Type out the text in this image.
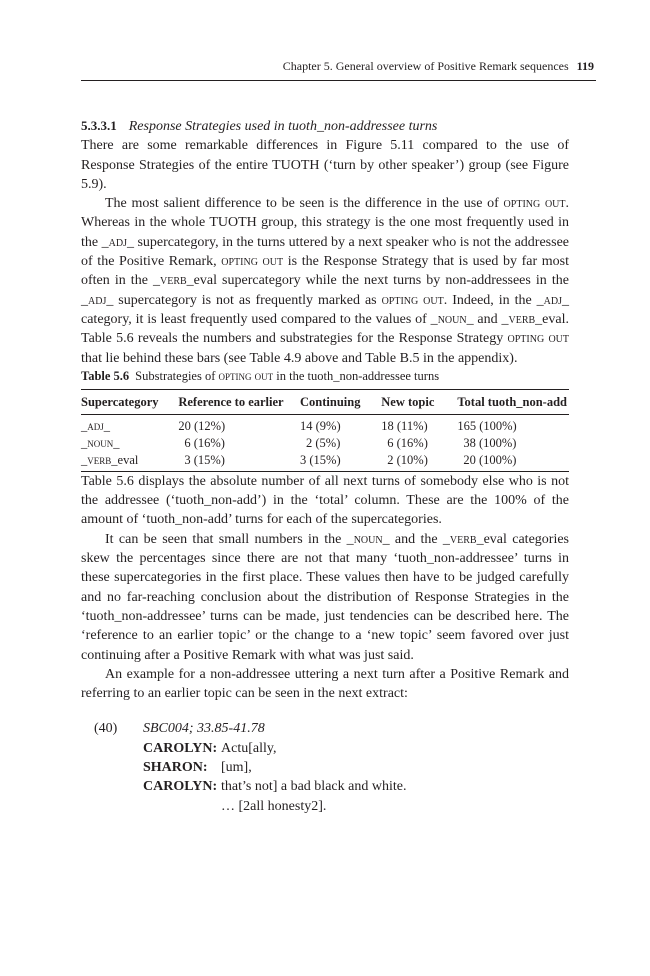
Chapter 5. General overview of Positive Remark sequences 119

5.3.3.1 Response Strategies used in tuoth_non-addressee turns

There are some remarkable differences in Figure 5.11 compared to the use of Response Strategies of the entire TUOTH (‘turn by other speaker’) group (see Figure 5.9).

The most salient difference to be seen is the difference in the use of opting out. Whereas in the whole TUOTH group, this strategy is the one most frequently used in the _adj_ supercategory, in the turns uttered by a next speaker who is not the addressee of the Positive Remark, opting out is the Response Strategy that is used by far most often in the _verb_eval supercategory while the next turns by non-addressees in the _adj_ supercategory is not as frequently marked as opting out. Indeed, in the _adj_ category, it is least frequently used compared to the values of _noun_ and _verb_eval. Table 5.6 reveals the numbers and substrategies for the Response Strategy opting out that lie behind these bars (see Table 4.9 above and Table B.5 in the appendix).

Table 5.6 Substrategies of opting out in the tuoth_non-addressee turns

Supercategory	Reference to earlier	Continuing	New topic	Total tuoth_non-add
_adj_	20 (12%)	14 (9%)	18 (11%)	165 (100%)
_noun_	6 (16%)	2 (5%)	6 (16%)	38 (100%)
_verb_eval	3 (15%)	3 (15%)	2 (10%)	20 (100%)

Table 5.6 displays the absolute number of all next turns of somebody else who is not the addressee (‘tuoth_non-add’) in the ‘total’ column. These are the 100% of the amount of ‘tuoth_non-add’ turns for each of the supercategories.

It can be seen that small numbers in the _noun_ and the _verb_eval categories skew the percentages since there are not that many ‘tuoth_non-addressee’ turns in these supercategories in the first place. These values then have to be judged carefully and no far-reaching conclusion about the distribution of Response Strategies in the ‘tuoth_non-addressee’ turns can be made, just tendencies can be described here. The ‘reference to an earlier topic’ or the change to a ‘new topic’ seem favored over just continuing after a Positive Remark with what was just said.

An example for a non-addressee uttering a next turn after a Positive Remark and referring to an earlier topic can be seen in the next extract:

(40)	SBC004; 33.85-41.78	
	CAROLYN:	Actu[ally,
	SHARON:	[um],
	CAROLYN:	that’s not] a bad black and white.
		… [2all honesty2].
